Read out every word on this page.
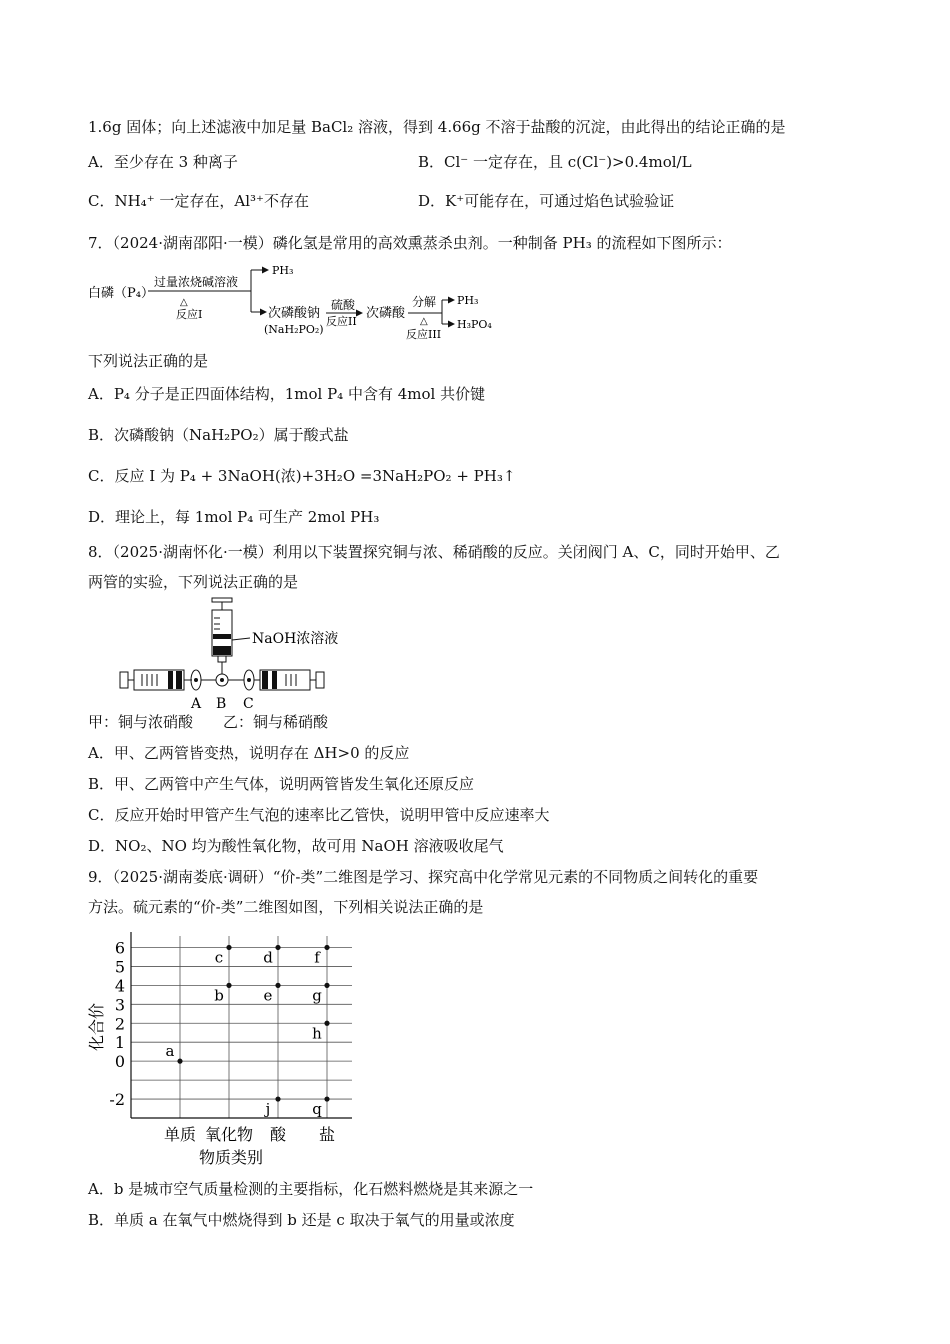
1.6g 固体；向上述滤液中加足量 BaCl₂ 溶液，得到 4.66g 不溶于盐酸的沉淀，由此得出的结论正确的是
A．至少存在 3 种离子	B．Cl⁻ 一定存在，且 c(Cl⁻)>0.4mol/L
C．NH₄⁺ 一定存在，Al³⁺不存在	D．K⁺可能存在，可通过焰色试验验证
7．（2024·湖南邵阳·一模）磷化氢是常用的高效熏蒸杀虫剂。一种制备 PH₃ 的流程如下图所示：
白磷（P₄）
过量浓烧碱溶液
△
反应I
PH₃
次磷酸钠
(NaH₂PO₂)
硫酸
反应II
次磷酸
分解
△
反应III
PH₃
H₃PO₄
下列说法正确的是
A．P₄ 分子是正四面体结构，1mol P₄ 中含有 4mol 共价键
B．次磷酸钠（NaH₂PO₂）属于酸式盐
C．反应 I 为 P₄ + 3NaOH(浓)+3H₂O =3NaH₂PO₂ + PH₃↑
D．理论上，每 1mol P₄ 可生产 2mol PH₃
8．（2025·湖南怀化·一模）利用以下装置探究铜与浓、稀硝酸的反应。关闭阀门 A、C，同时开始甲、乙
两管的实验，下列说法正确的是
NaOH浓溶液
A B C
甲：铜与浓硝酸　　乙：铜与稀硝酸
A．甲、乙两管皆变热，说明存在 ΔH>0 的反应
B．甲、乙两管中产生气体，说明两管皆发生氧化还原反应
C．反应开始时甲管产生气泡的速率比乙管快，说明甲管中反应速率大
D．NO₂、NO 均为酸性氧化物，故可用 NaOH 溶液吸收尾气
9．（2025·湖南娄底·调研）“价-类”二维图是学习、探究高中化学常见元素的不同物质之间转化的重要
方法。硫元素的“价-类”二维图如图，下列相关说法正确的是
6
5
4
3
2
1
0
-2
单质 氧化物 酸 盐
a
b
c	d
e
j
f
g
h
q
化合价
物质类别
A．b 是城市空气质量检测的主要指标，化石燃料燃烧是其来源之一
B．单质 a 在氧气中燃烧得到 b 还是 c 取决于氧气的用量或浓度
